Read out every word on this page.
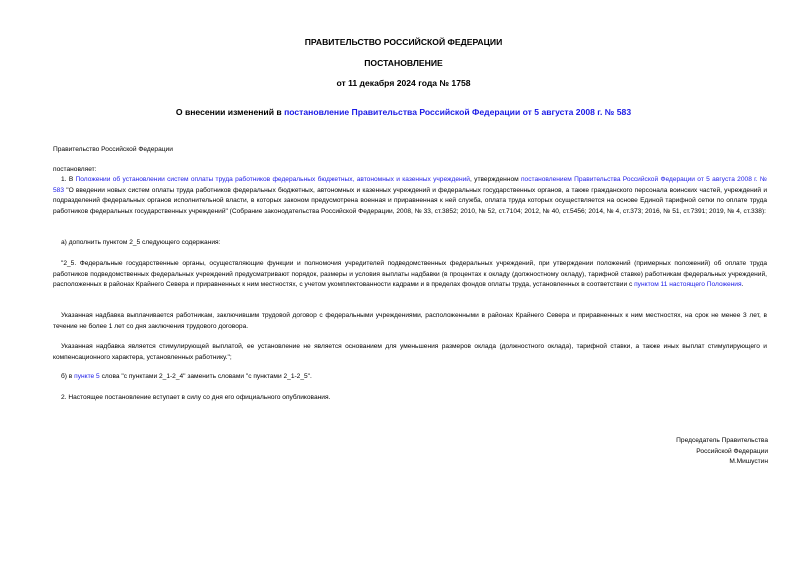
ПРАВИТЕЛЬСТВО РОССИЙСКОЙ ФЕДЕРАЦИИ
ПОСТАНОВЛЕНИЕ
от 11 декабря 2024 года № 1758
О внесении изменений в постановление Правительства Российской Федерации от 5 августа 2008 г. № 583
Правительство Российской Федерации
постановляет:
1. В Положении об установлении систем оплаты труда работников федеральных бюджетных, автономных и казенных учреждений, утвержденном постановлением Правительства Российской Федерации от 5 августа 2008 г. № 583 "О введении новых систем оплаты труда работников федеральных бюджетных, автономных и казенных учреждений и федеральных государственных органов, а также гражданского персонала воинских частей, учреждений и подразделений федеральных органов исполнительной власти, в которых законом предусмотрена военная и приравненная к ней служба, оплата труда которых осуществляется на основе Единой тарифной сетки по оплате труда работников федеральных государственных учреждений" (Собрание законодательства Российской Федерации, 2008, № 33, ст.3852; 2010, № 52, ст.7104; 2012, № 40, ст.5456; 2014, № 4, ст.373; 2016, № 51, ст.7391; 2019, № 4, ст.338):
а) дополнить пунктом 2_5 следующего содержания:
"2_5. Федеральные государственные органы, осуществляющие функции и полномочия учредителей подведомственных федеральных учреждений, при утверждении положений (примерных положений) об оплате труда работников подведомственных федеральных учреждений предусматривают порядок, размеры и условия выплаты надбавки (в процентах к окладу (должностному окладу), тарифной ставке) работникам федеральных учреждений, расположенных в районах Крайнего Севера и приравненных к ним местностях, с учетом укомплектованности кадрами и в пределах фондов оплаты труда, установленных в соответствии с пунктом 11 настоящего Положения.
Указанная надбавка выплачивается работникам, заключившим трудовой договор с федеральными учреждениями, расположенными в районах Крайнего Севера и приравненных к ним местностях, на срок не менее 3 лет, в течение не более 1 лет со дня заключения трудового договора.
Указанная надбавка является стимулирующей выплатой, ее установление не является основанием для уменьшения размеров оклада (должностного оклада), тарифной ставки, а также иных выплат стимулирующего и компенсационного характера, установленных работнику.";
б) в пункте 5 слова "с пунктами 2_1-2_4" заменить словами "с пунктами 2_1-2_5".
2. Настоящее постановление вступает в силу со дня его официального опубликования.
Председатель Правительства
Российской Федерации
М.Мишустин
